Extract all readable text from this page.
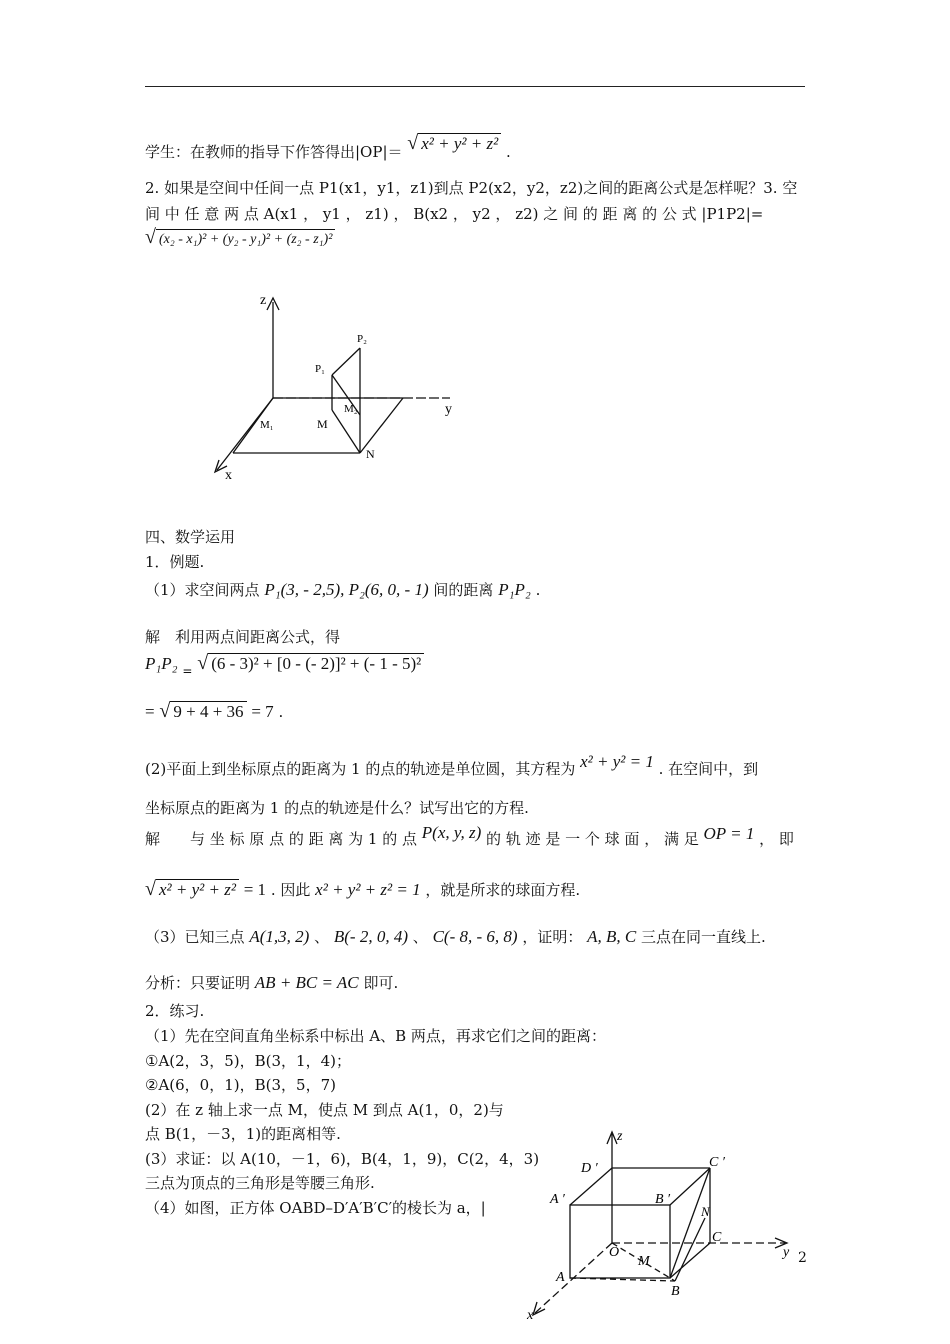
学生：在教师的指导下作答得出|OP|＝ √ x² + y² + z² .
2. 如果是空间中任间一点 P1(x1，y1，z1)到点 P2(x2，y2，z2)之间的距离公式是怎样呢？3. 空
间 中 任 意 两 点 A(x1 ， y1 ， z1) ， B(x2 ， y2 ， z2) 之 间 的 距 离 的 公 式 |P1P2|=
√ (x₂ - x₁)² + (y₂ - y₁)² + (z₂ - z₁)²
z
y
x
P₂
P₁
M₂
M₁	M
N
四、数学运用
1．例题.
（1）求空间两点 P₁(3, - 2,5), P₂(6, 0, - 1) 间的距离 P₁P₂ .
解　利用两点间距离公式，得
P₁P₂ $_=$ √ (6 - 3)² + [0 - (- 2)]² + (- 1 - 5)²
= √ 9 + 4 + 36 = 7 .
(2)平面上到坐标原点的距离为 1 的点的轨迹是单位圆，其方程为 x² + y² = 1 . 在空间中，到
坐标原点的距离为 1 的点的轨迹是什么？试写出它的方程.
解　　与 坐 标 原 点 的 距 离 为 1 的 点 P(x, y, z) 的 轨 迹 是 一 个 球 面 ， 满 足 OP = 1 ， 即
√ x² + y² + z² = 1 . 因此 x² + y² + z² = 1 ，就是所求的球面方程.
（3）已知三点 A(1,3, 2) 、 B(- 2, 0, 4) 、 C(- 8, - 6, 8) ，证明： A, B, C 三点在同一直线上.
分析：只要证明 AB + BC = AC 即可.
2．练习.
（1）先在空间直角坐标系中标出 A、B 两点，再求它们之间的距离：
①A(2，3，5)，B(3，1，4)；
②A(6，0，1)，B(3，5，7)
(2）在 z 轴上求一点 M，使点 M 到点 A(1，0，2)与
点 B(1，－3，1)的距离相等.
(3）求证：以 A(10，－1，6)，B(4，1，9)，C(2，4，3)
三点为顶点的三角形是等腰三角形.
（4）如图，正方体 OABD–D′A′B′C′的棱长为 a，|
z
y
x
D ′	C ′
A ′	B ′
N
C
O
M
A
B
2
